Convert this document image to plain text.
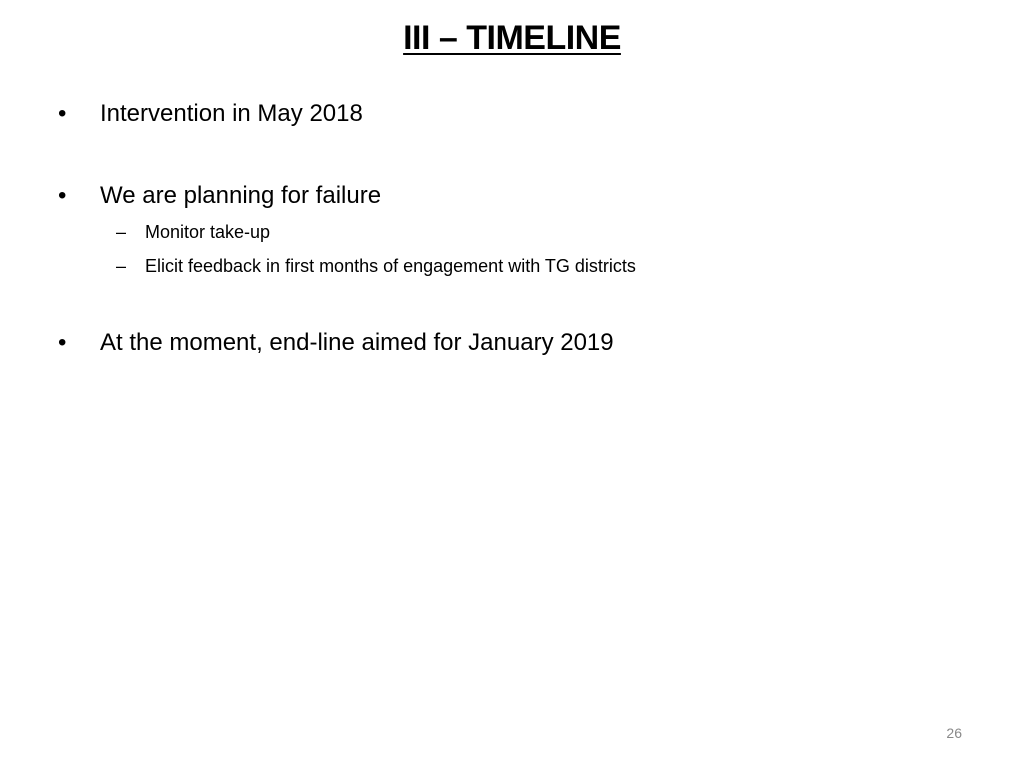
III – TIMELINE
• Intervention in May 2018
• We are planning for failure
– Monitor take-up
– Elicit feedback in first months of engagement with TG districts
• At the moment, end-line aimed for January 2019
26
